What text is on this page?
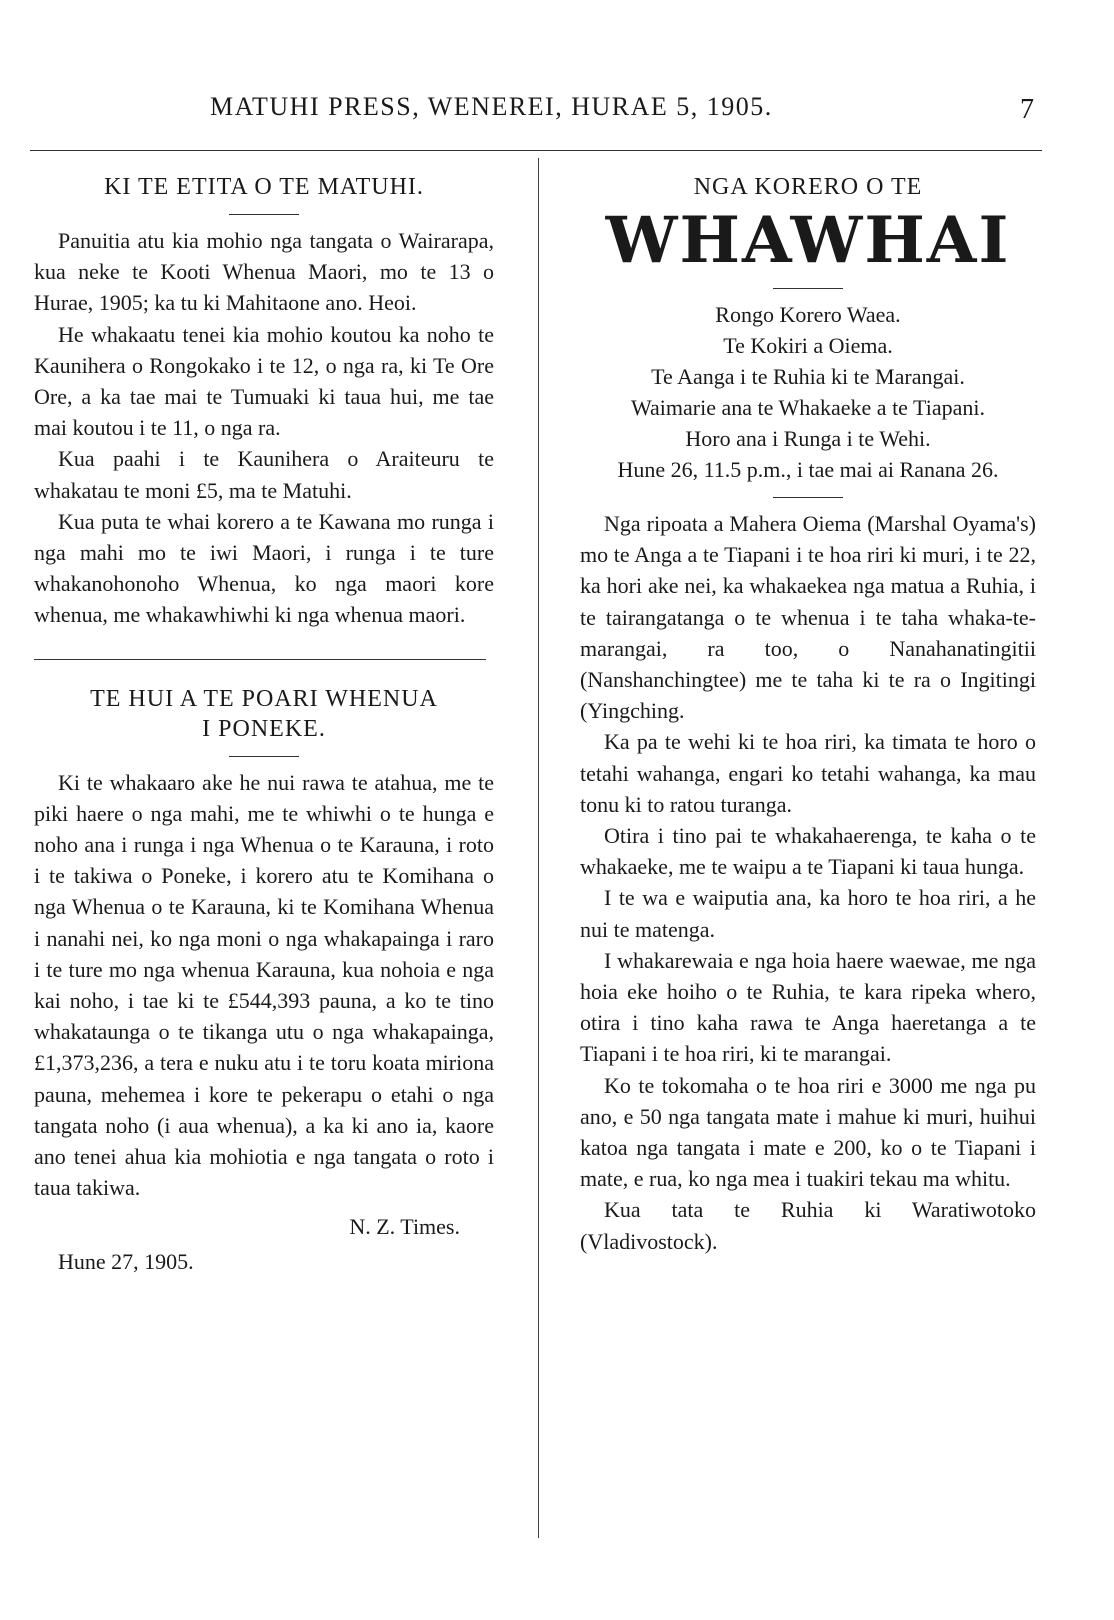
MATUHI PRESS, WENEREI, HURAE 5, 1905.	7

KI TE ETITA O TE MATUHI.

Panuitia atu kia mohio nga tangata o Wairarapa, kua neke te Kooti Whenua Maori, mo te 13 o Hurae, 1905; ka tu ki Mahitaone ano. Heoi.

He whakaatu tenei kia mohio koutou ka noho te Kaunihera o Rongokako i te 12, o nga ra, ki Te Ore Ore, a ka tae mai te Tumuaki ki taua hui, me tae mai koutou i te 11, o nga ra.

Kua paahi i te Kaunihera o Araiteuru te whakatau te moni £5, ma te Matuhi.

Kua puta te whai korero a te Kawana mo runga i nga mahi mo te iwi Maori, i runga i te ture whakanohonoho Whenua, ko nga maori kore whenua, me whakawhiwhi ki nga whenua maori.

TE HUI A TE POARI WHENUA

I PONEKE.

Ki te whakaaro ake he nui rawa te atahua, me te piki haere o nga mahi, me te whiwhi o te hunga e noho ana i runga i nga Whenua o te Karauna, i roto i te takiwa o Poneke, i korero atu te Komihana o nga Whenua o te Karauna, ki te Komihana Whenua i nanahi nei, ko nga moni o nga whakapainga i raro i te ture mo nga whenua Karauna, kua nohoia e nga kai noho, i tae ki te £544,393 pauna, a ko te tino whakataunga o te tikanga utu o nga whakapainga, £1,373,236, a tera e nuku atu i te toru koata miriona pauna, mehemea i kore te pekerapu o etahi o nga tangata noho (i aua whenua), a ka ki ano ia, kaore ano tenei ahua kia mohiotia e nga tangata o roto i taua takiwa.

N. Z. Times.

Hune 27, 1905.

NGA KORERO O TE

WHAWHAI

Rongo Korero Waea.

Te Kokiri a Oiema.

Te Aanga i te Ruhia ki te Marangai.

Waimarie ana te Whakaeke a te Tiapani.

Horo ana i Runga i te Wehi.

Hune 26, 11.5 p.m., i tae mai ai Ranana 26.

Nga ripoata a Mahera Oiema (Marshal Oyama's) mo te Anga a te Tiapani i te hoa riri ki muri, i te 22, ka hori ake nei, ka whakaekea nga matua a Ruhia, i te tairangatanga o te whenua i te taha whaka-te-marangai, ra too, o Nanahanatingitii (Nanshanchingtee) me te taha ki te ra o Ingitingi (Yingching.

Ka pa te wehi ki te hoa riri, ka timata te horo o tetahi wahanga, engari ko tetahi wahanga, ka mau tonu ki to ratou turanga.

Otira i tino pai te whakahaerenga, te kaha o te whakaeke, me te waipu a te Tiapani ki taua hunga.

I te wa e waiputia ana, ka horo te hoa riri, a he nui te matenga.

I whakarewaia e nga hoia haere waewae, me nga hoia eke hoiho o te Ruhia, te kara ripeka whero, otira i tino kaha rawa te Anga haeretanga a te Tiapani i te hoa riri, ki te marangai.

Ko te tokomaha o te hoa riri e 3000 me nga pu ano, e 50 nga tangata mate i mahue ki muri, huihui katoa nga tangata i mate e 200, ko o te Tiapani i mate, e rua, ko nga mea i tuakiri tekau ma whitu.

Kua tata te Ruhia ki Waratiwotoko (Vladivostock).
